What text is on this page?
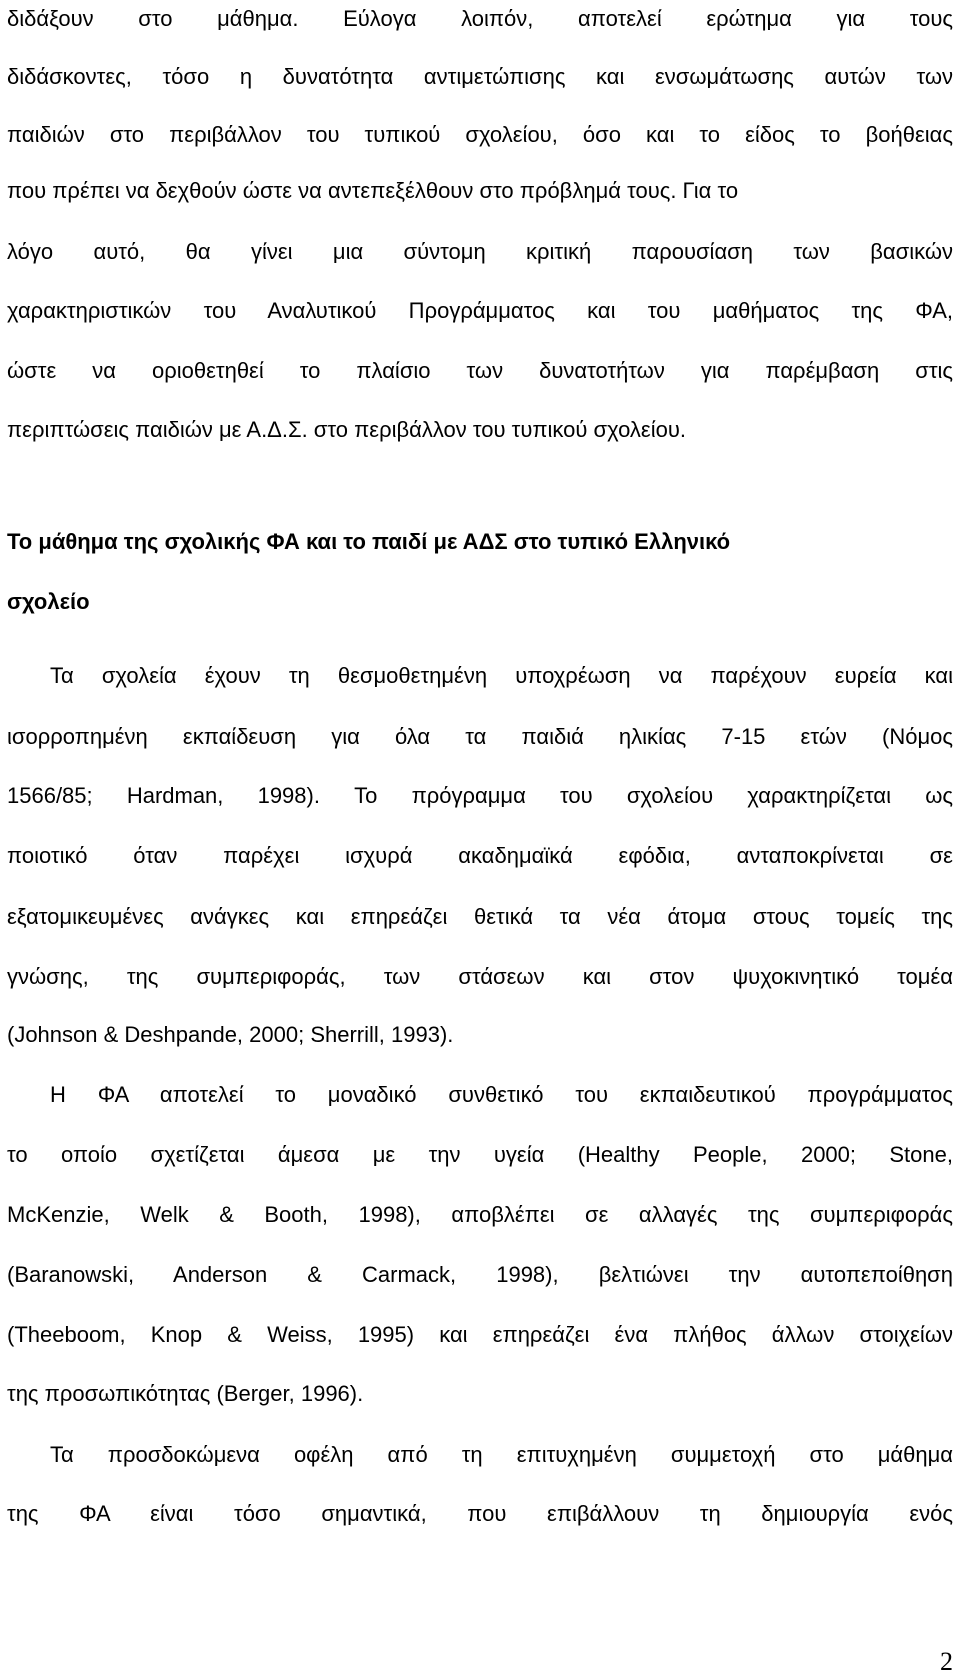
διδάξουν στο μάθημα. Εύλογα λοιπόν, αποτελεί ερώτημα για τους
διδάσκοντες, τόσο η δυνατότητα αντιμετώπισης και ενσωμάτωσης αυτών των
παιδιών στο περιβάλλον του τυπικού σχολείου, όσο και το είδος το βοήθειας
που πρέπει να δεχθούν ώστε να αντεπεξέλθουν στο πρόβλημά τους. Για το
λόγο αυτό, θα γίνει μια σύντομη κριτική παρουσίαση των βασικών
χαρακτηριστικών του Αναλυτικού Προγράμματος και του μαθήματος της ΦΑ,
ώστε να οριοθετηθεί το πλαίσιο των δυνατοτήτων για παρέμβαση στις
περιπτώσεις παιδιών με Α.Δ.Σ. στο περιβάλλον του τυπικού σχολείου.
Το μάθημα της σχολικής ΦΑ και το παιδί με ΑΔΣ στο τυπικό Ελληνικό
σχολείο
Τα σχολεία έχουν τη θεσμοθετημένη υποχρέωση να παρέχουν ευρεία και
ισορροπημένη εκπαίδευση για όλα τα παιδιά ηλικίας 7-15 ετών (Νόμος
1566/85; Hardman, 1998). Το πρόγραμμα του σχολείου χαρακτηρίζεται ως
ποιοτικό όταν παρέχει ισχυρά ακαδημαϊκά εφόδια, ανταποκρίνεται σε
εξατομικευμένες ανάγκες και επηρεάζει θετικά τα νέα άτομα στους τομείς της
γνώσης, της συμπεριφοράς, των στάσεων και στον ψυχοκινητικό τομέα
(Johnson & Deshpande, 2000; Sherrill, 1993).
Η ΦΑ αποτελεί το μοναδικό συνθετικό του εκπαιδευτικού προγράμματος
το οποίο σχετίζεται άμεσα με την υγεία (Healthy People, 2000; Stone,
McKenzie, Welk & Booth, 1998), αποβλέπει σε αλλαγές της συμπεριφοράς
(Baranowski, Anderson & Carmack, 1998), βελτιώνει την αυτοπεποίθηση
(Theeboom, Knop & Weiss, 1995) και επηρεάζει ένα πλήθος άλλων στοιχείων
της προσωπικότητας (Berger, 1996).
Τα προσδοκώμενα οφέλη από τη επιτυχημένη συμμετοχή στο μάθημα
της ΦΑ είναι τόσο σημαντικά, που επιβάλλουν τη δημιουργία ενός
2
